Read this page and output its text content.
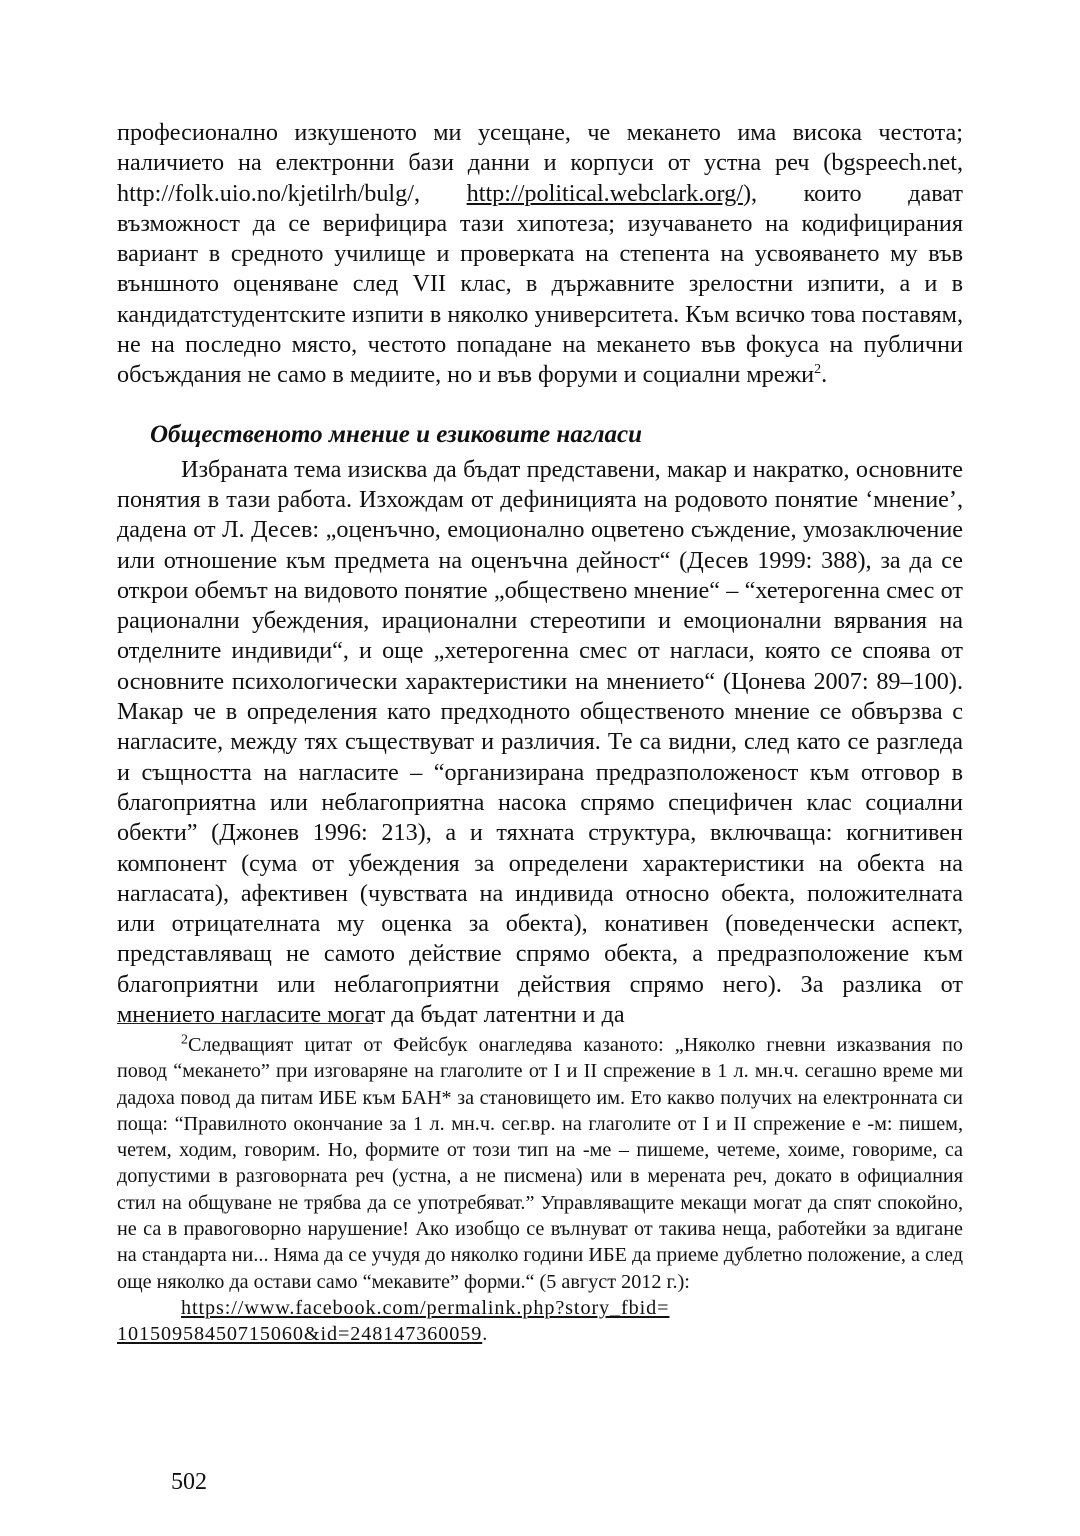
професионално изкушеното ми усещане, че мекането има висока честота; наличието на електронни бази данни и корпуси от устна реч (bgspeech.net, http://folk.uio.no/kjetilrh/bulg/, http://political.webclark.org/), които дават възможност да се верифицира тази хипотеза; изучаването на кодифицирания вариант в средното училище и проверката на степента на усвояването му във външното оценяване след VII клас, в държавните зрелостни изпити, а и в кандидатстудентските изпити в няколко университета. Към всичко това поставям, не на последно място, честото попадане на мекането във фокуса на публични обсъждания не само в медиите, но и във форуми и социални мрежи$^2$.

Общественото мнение и езиковите нагласи

Избраната тема изисква да бъдат представени, макар и накратко, основните понятия в тази работа. Изхождам от дефиницията на родовото понятие ‘мнение’, дадена от Л. Десев: „оценъчно, емоционално оцветено съждение, умозаключение или отношение към предмета на оценъчна дейност“ (Десев 1999: 388), за да се открои обемът на видовото понятие „обществено мнение“ – “хетерогенна смес от рационални убеждения, ирационални стереотипи и емоционални вярвания на отделните индивиди“, и още „хетерогенна смес от нагласи, която се споява от основните психологически характеристики на мнението“ (Цонева 2007: 89–100). Макар че в определения като предходното общественото мнение се обвързва с нагласите, между тях съществуват и различия. Те са видни, след като се разгледа и същността на нагласите – “организирана предразположеност към отговор в благоприятна или неблагоприятна насока спрямо специфичен клас социални обекти” (Джонев 1996: 213), а и тяхната структура, включваща: когнитивен компонент (сума от убеждения за определени характеристики на обекта на нагласата), афективен (чувствата на индивида относно обекта, положителната или отрицателната му оценка за обекта), конативен (поведенчески аспект, представляващ не самото действие спрямо обекта, а предразположение към благоприятни или неблагоприятни действия спрямо него). За разлика от мнението нагласите могат да бъдат латентни и да

$^2$Следващият цитат от Фейсбук онагледява казаното: „Няколко гневни изказвания по повод “мекането” при изговаряне на глаголите от I и II спрежение в 1 л. мн.ч. сегашно време ми дадоха повод да питам ИБЕ към БАН* за становището им. Ето какво получих на електронната си поща: “Правилното окончание за 1 л. мн.ч. сег.вр. на глаголите от I и II спрежение е -м: пишем, четем, ходим, говорим. Но, формите от този тип на -ме – пишеме, четеме, хоиме, говориме, са допустими в разговорната реч (устна, а не писмена) или в мерената реч, докато в официалния стил на общуване не трябва да се употребяват.” Управляващите мекащи могат да спят спокойно, не са в правоговорно нарушение! Ако изобщо се вълнуват от такива неща, работейки за вдигане на стандарта ни... Няма да се учудя до няколко години ИБЕ да приеме дублетно положение, а след още няколко да остави само “мекавите” форми.“ (5 август 2012 г.):

https://www.facebook.com/permalink.php?story_fbid= 10150958450715060&id=248147360059.

502
